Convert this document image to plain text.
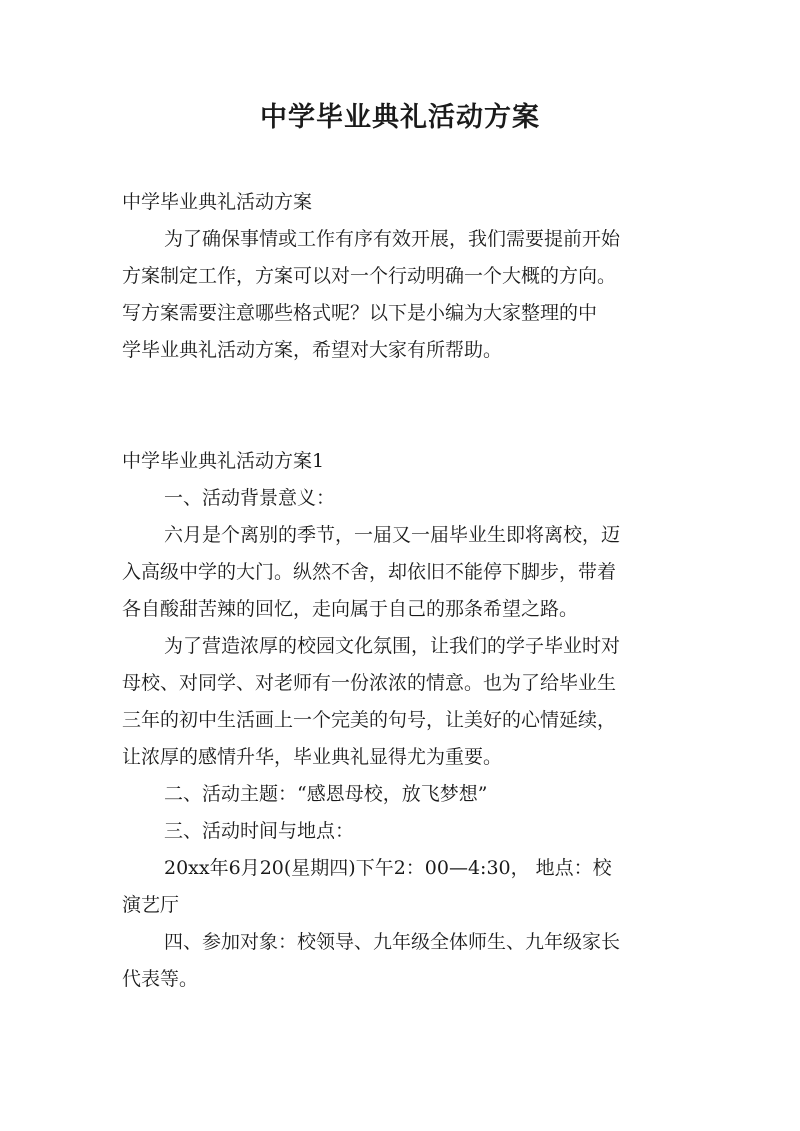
中学毕业典礼活动方案

中学毕业典礼活动方案

为了确保事情或工作有序有效开展，我们需要提前开始

方案制定工作，方案可以对一个行动明确一个大概的方向。

写方案需要注意哪些格式呢？以下是小编为大家整理的中

学毕业典礼活动方案，希望对大家有所帮助。

中学毕业典礼活动方案1

一、活动背景意义：

六月是个离别的季节，一届又一届毕业生即将离校，迈

入高级中学的大门。纵然不舍，却依旧不能停下脚步，带着

各自酸甜苦辣的回忆，走向属于自己的那条希望之路。

为了营造浓厚的校园文化氛围，让我们的学子毕业时对

母校、对同学、对老师有一份浓浓的情意。也为了给毕业生

三年的初中生活画上一个完美的句号，让美好的心情延续，

让浓厚的感情升华，毕业典礼显得尤为重要。

二、活动主题：“感恩母校，放飞梦想”

三、活动时间与地点：

20xx年6月20(星期四)下午2：00—4:30， 地点：校

演艺厅

四、参加对象：校领导、九年级全体师生、九年级家长

代表等。
